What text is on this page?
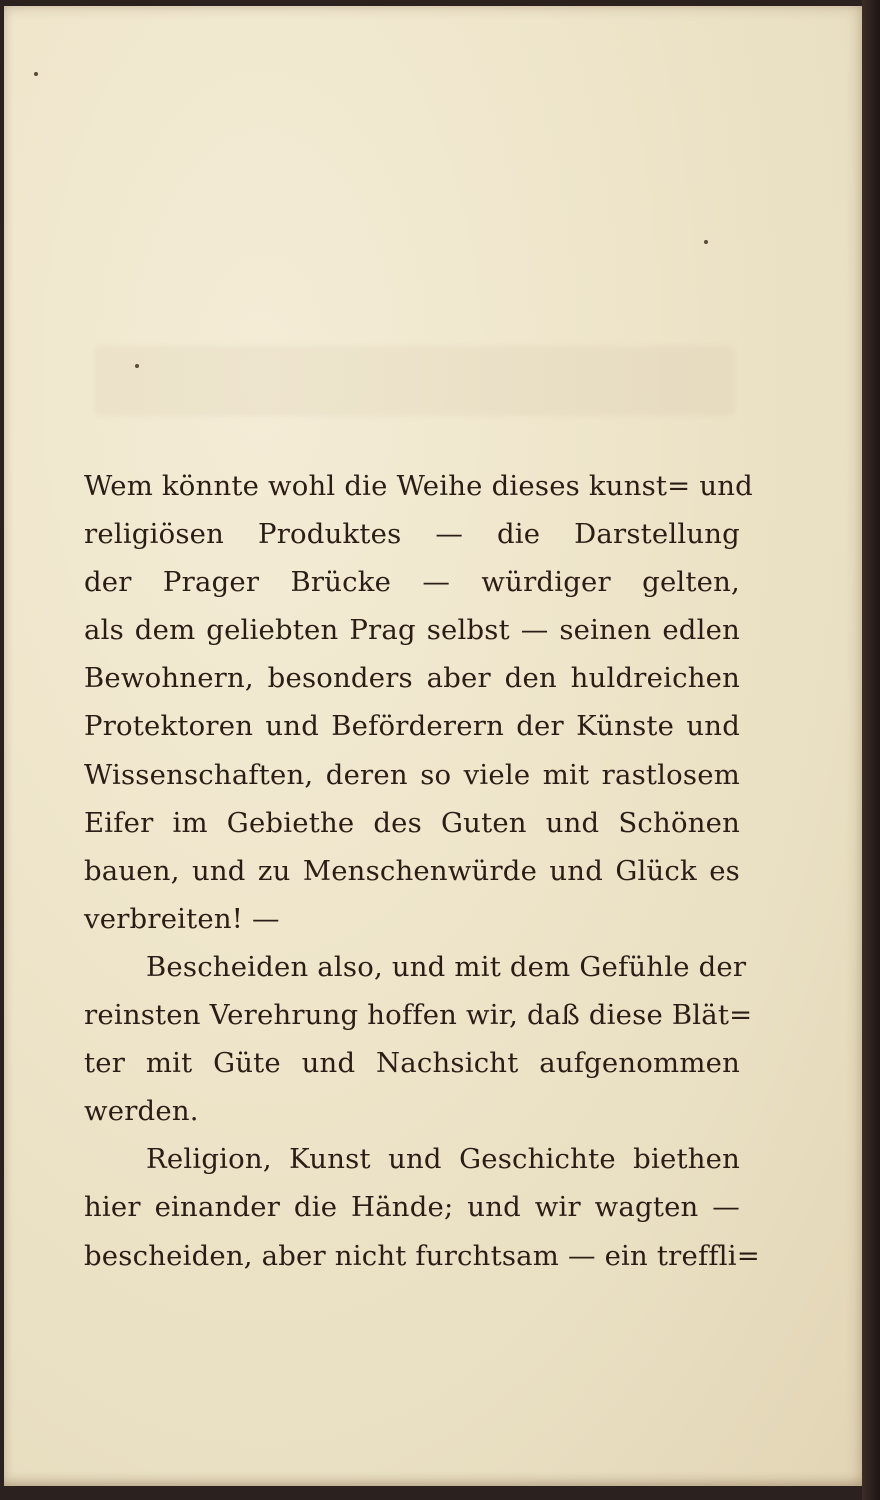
Wem könnte wohl die Weihe dieses kunst= und
religiösen Produktes — die Darstellung
der Prager Brücke — würdiger gelten,
als dem geliebten Prag selbst — seinen edlen
Bewohnern, besonders aber den huldreichen
Protektoren und Beförderern der Künste und
Wissenschaften, deren so viele mit rastlosem
Eifer im Gebiethe des Guten und Schönen
bauen, und zu Menschenwürde und Glück es
verbreiten! —
Bescheiden also, und mit dem Gefühle der
reinsten Verehrung hoffen wir, daß diese Blät=
ter mit Güte und Nachsicht aufgenommen
werden.
Religion, Kunst und Geschichte biethen
hier einander die Hände; und wir wagten —
bescheiden, aber nicht furchtsam — ein treffli=
